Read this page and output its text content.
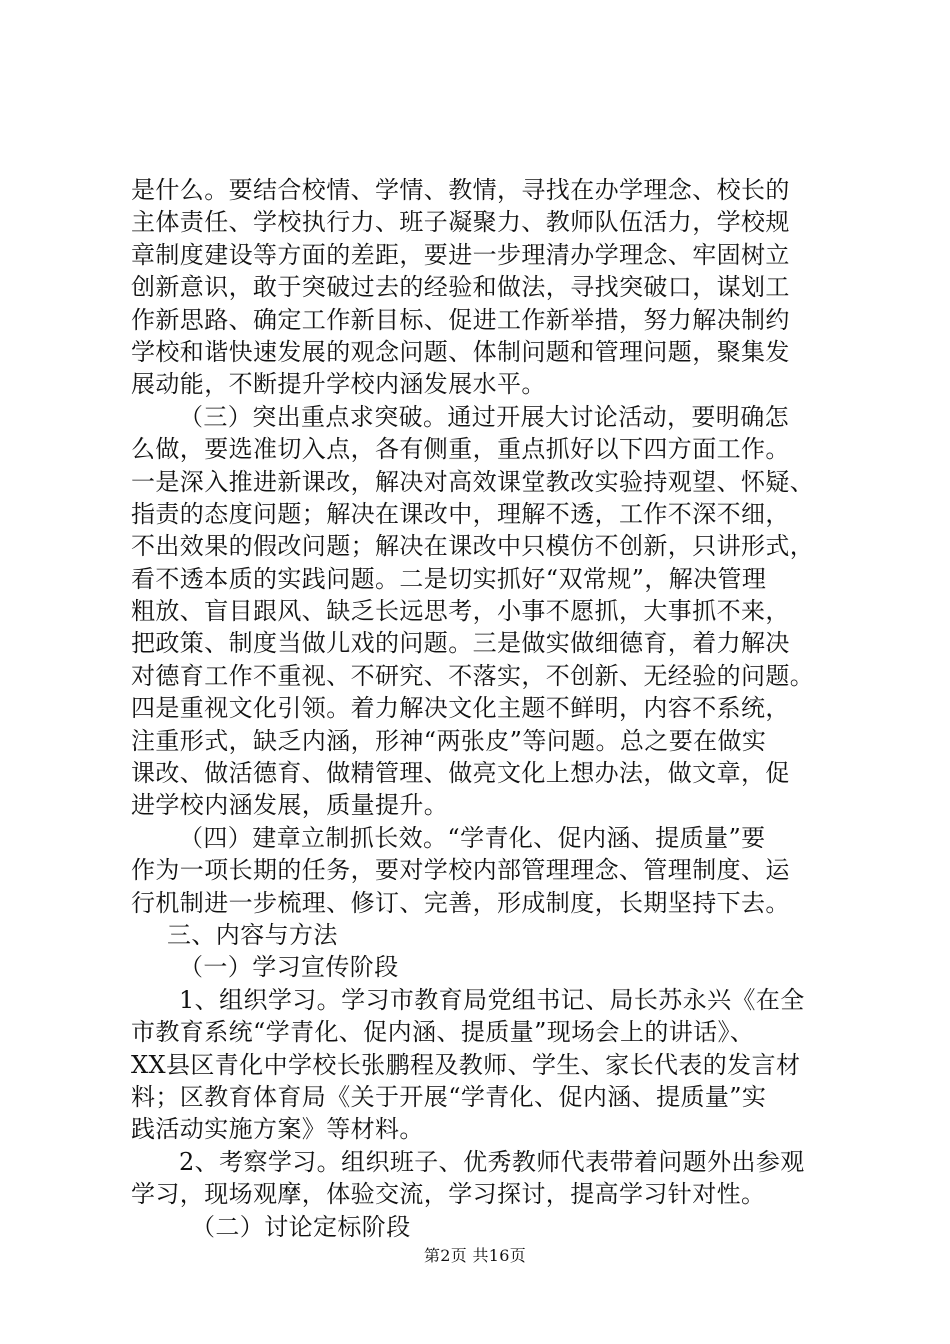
是什么。要结合校情、学情、教情，寻找在办学理念、校长的
主体责任、学校执行力、班子凝聚力、教师队伍活力，学校规
章制度建设等方面的差距，要进一步理清办学理念、牢固树立
创新意识，敢于突破过去的经验和做法，寻找突破口，谋划工
作新思路、确定工作新目标、促进工作新举措，努力解决制约
学校和谐快速发展的观念问题、体制问题和管理问题，聚集发
展动能，不断提升学校内涵发展水平。
（三）突出重点求突破。通过开展大讨论活动，要明确怎
么做，要选准切入点，各有侧重，重点抓好以下四方面工作。
一是深入推进新课改，解决对高效课堂教改实验持观望、怀疑、
指责的态度问题；解决在课改中，理解不透，工作不深不细，
不出效果的假改问题；解决在课改中只模仿不创新，只讲形式，
看不透本质的实践问题。二是切实抓好“双常规”，解决管理
粗放、盲目跟风、缺乏长远思考，小事不愿抓，大事抓不来，
把政策、制度当做儿戏的问题。三是做实做细德育，着力解决
对德育工作不重视、不研究、不落实，不创新、无经验的问题。
四是重视文化引领。着力解决文化主题不鲜明，内容不系统，
注重形式，缺乏内涵，形神“两张皮”等问题。总之要在做实
课改、做活德育、做精管理、做亮文化上想办法，做文章，促
进学校内涵发展，质量提升。
（四）建章立制抓长效。“学青化、促内涵、提质量”要
作为一项长期的任务，要对学校内部管理理念、管理制度、运
行机制进一步梳理、修订、完善，形成制度，长期坚持下去。
三、内容与方法
（一）学习宣传阶段
1、组织学习。学习市教育局党组书记、局长苏永兴《在全
市教育系统“学青化、促内涵、提质量”现场会上的讲话》、
XX县区青化中学校长张鹏程及教师、学生、家长代表的发言材
料；区教育体育局《关于开展“学青化、促内涵、提质量”实
践活动实施方案》等材料。
2、考察学习。组织班子、优秀教师代表带着问题外出参观
学习，现场观摩，体验交流，学习探讨，提高学习针对性。
（二）讨论定标阶段
第2页 共16页
